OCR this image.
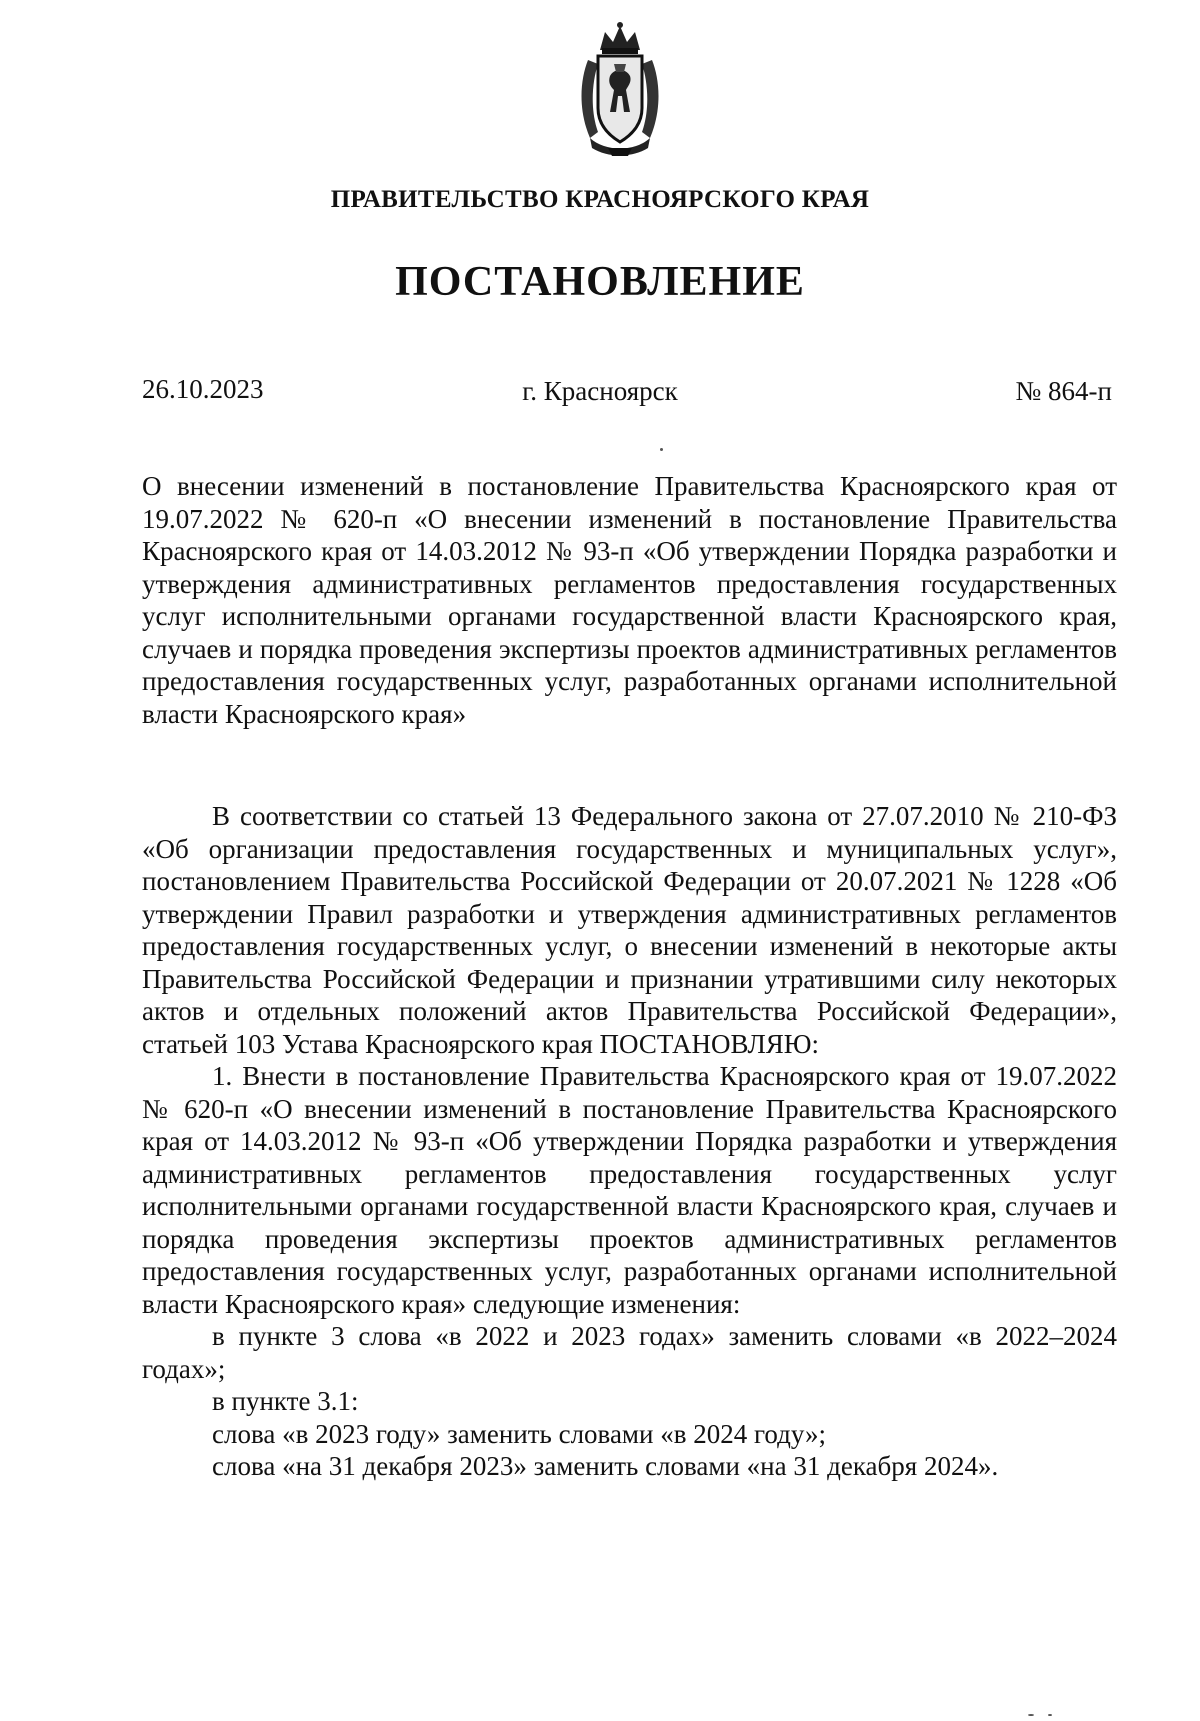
ПРАВИТЕЛЬСТВО КРАСНОЯРСКОГО КРАЯ
ПОСТАНОВЛЕНИЕ
26.10.2023	г. Красноярск	№ 864-п
О внесении изменений в постановление Правительства Красноярского края от 19.07.2022 № 620-п «О внесении изменений в постановление Правительства Красноярского края от 14.03.2012 № 93-п «Об утверждении Порядка разработки и утверждения административных регламентов предоставления государственных услуг исполнительными органами государственной власти Красноярского края, случаев и порядка проведения экспертизы проектов административных регламентов предоставления государственных услуг, разработанных органами исполнительной власти Красноярского края»

В соответствии со статьей 13 Федерального закона от 27.07.2010 № 210-ФЗ «Об организации предоставления государственных и муниципальных услуг», постановлением Правительства Российской Федерации от 20.07.2021 № 1228 «Об утверждении Правил разработки и утверждения административных регламентов предоставления государственных услуг, о внесении изменений в некоторые акты Правительства Российской Федерации и признании утратившими силу некоторых актов и отдельных положений актов Правительства Российской Федерации», статьей 103 Устава Красноярского края ПОСТАНОВЛЯЮ:

1. Внести в постановление Правительства Красноярского края от 19.07.2022 № 620-п «О внесении изменений в постановление Правительства Красноярского края от 14.03.2012 № 93-п «Об утверждении Порядка разработки и утверждения административных регламентов предоставления государственных услуг исполнительными органами государственной власти Красноярского края, случаев и порядка проведения экспертизы проектов административных регламентов предоставления государственных услуг, разработанных органами исполнительной власти Красноярского края» следующие изменения:

в пункте 3 слова «в 2022 и 2023 годах» заменить словами «в 2022–2024 годах»;

в пункте 3.1:

слова «в 2023 году» заменить словами «в 2024 году»;

слова «на 31 декабря 2023» заменить словами «на 31 декабря 2024».
